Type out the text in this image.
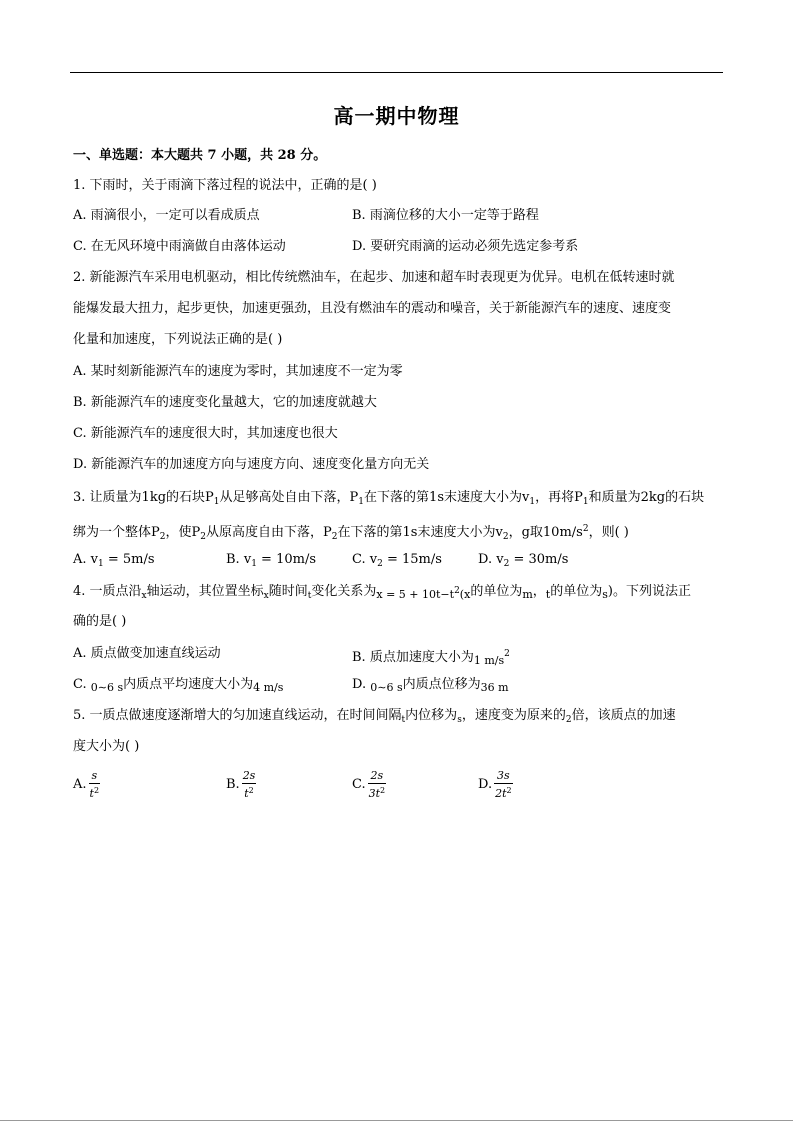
高一期中物理
一、单选题：本大题共 7 小题，共 28 分。
1. 下雨时，关于雨滴下落过程的说法中，正确的是( )
A. 雨滴很小，一定可以看成质点	B. 雨滴位移的大小一定等于路程
C. 在无风环境中雨滴做自由落体运动	D. 要研究雨滴的运动必须先选定参考系
2. 新能源汽车采用电机驱动，相比传统燃油车，在起步、加速和超车时表现更为优异。电机在低转速时就
能爆发最大扭力，起步更快，加速更强劲，且没有燃油车的震动和噪音，关于新能源汽车的速度、速度变
化量和加速度，下列说法正确的是( )
A. 某时刻新能源汽车的速度为零时，其加速度不一定为零
B. 新能源汽车的速度变化量越大，它的加速度就越大
C. 新能源汽车的速度很大时，其加速度也很大
D. 新能源汽车的加速度方向与速度方向、速度变化量方向无关
3. 让质量为1kg的石块$P_1$从足够高处自由下落，$P_1$在下落的第1s末速度大小为$v_1$，再将$P_1$和质量为2kg的石块
绑为一个整体$P_2$，使$P_2$从原高度自由下落，$P_2$在下落的第1s末速度大小为$v_2$，g取$10m/s^2$，则( )
A. $v_1 = 5m/s$	B. $v_1 = 10m/s$	C. $v_2 = 15m/s$	D. $v_2 = 30m/s$
4. 一质点沿$_x$轴运动，其位置坐标$_x$随时间$_t$变化关系为$_{x = 5 + 10t-t}^2_{(x}$的单位为$_m$，$_t$的单位为$_s$)。下列说法正
确的是( )
A. 质点做变加速直线运动	B. 质点加速度大小为$_{1 m/s}^2$
C. $_{0\sim 6 s}$内质点平均速度大小为$_{4 m/s}$	D. $_{0\sim 6 s}$内质点位移为$_{36 m}$
5. 一质点做速度逐渐增大的匀加速直线运动，在时间间隔$_t$内位移为$_s$，速度变为原来的$_2$倍，该质点的加速
度大小为( )
A. $\frac{s}{t^2}$	B. $\frac{2s}{t^2}$	C. $\frac{2s}{3t^2}$	D. $\frac{3s}{2t^2}$
